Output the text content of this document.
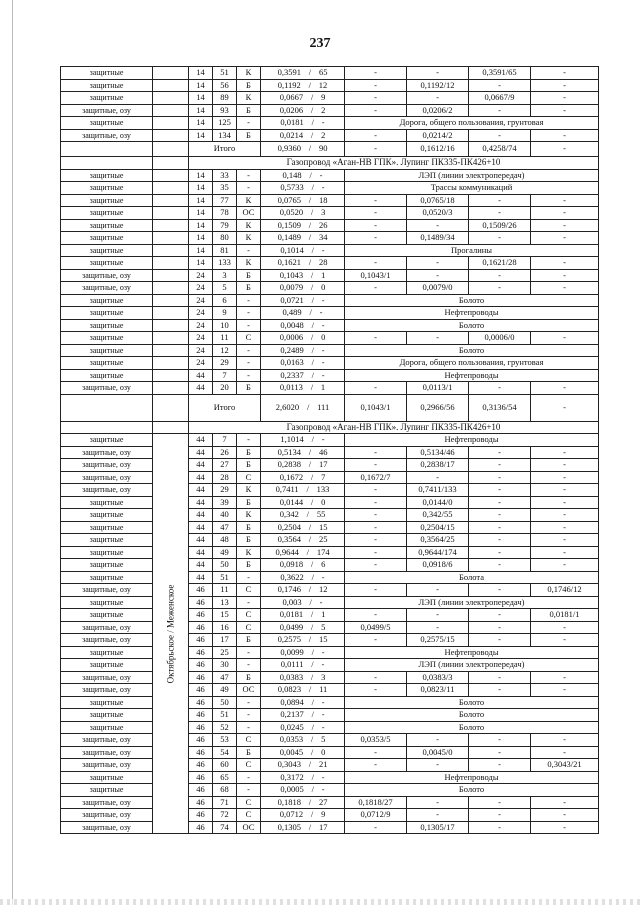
237
защитные		14	51	К	0,3591 / 65	-	-	0,3591/65	-
защитные		14	56	Б	0,1192 / 12	-	0,1192/12	-	-
защитные		14	89	К	0,0667 / 9	-	-	0,0667/9	-
защитные, озу		14	93	Б	0,0206 / 2	-	0,0206/2	-	-
защитные		14	125	-	0,0181 / -	Дорога, общего пользования, грунтовая			
защитные, озу		14	134	Б	0,0214 / 2	-	0,0214/2	-	-
		Итого			0,9360 / 90	-	0,1612/16	0,4258/74	-
		Газопровод «Аган-НВ ГПК». Лупинг ПК335-ПК426+10							
защитные		14	33	-	0,148 / -	ЛЭП (линии электропередач)			
защитные		14	35	-	0,5733 / -	Трассы коммуникаций			
защитные		14	77	К	0,0765 / 18	-	0,0765/18	-	-
защитные		14	78	ОС	0,0520 / 3	-	0,0520/3	-	-
защитные		14	79	К	0,1509 / 26	-	-	0,1509/26	-
защитные		14	80	К	0,1489 / 34	-	0,1489/34	-	-
защитные		14	81	-	0,1014 / -	Прогалины			
защитные		14	133	К	0,1621 / 28	-	-	0,1621/28	-
защитные, озу		24	3	Б	0,1043 / 1	0,1043/1	-	-	-
защитные, озу		24	5	Б	0,0079 / 0	-	0,0079/0	-	-
защитные		24	6	-	0,0721 / -	Болото			
защитные		24	9	-	0,489 / -	Нефтепроводы			
защитные		24	10	-	0,0048 / -	Болото			
защитные		24	11	С	0,0006 / 0	-	-	0,0006/0	-
защитные		24	12	-	0,2489 / -	Болото			
защитные		24	29	-	0,0163 / -	Дорога, общего пользования, грунтовая			
защитные		44	7	-	0,2337 / -	Нефтепроводы			
защитные, озу		44	20	Б	0,0113 / 1	-	0,0113/1	-	-
		Итого			2,6020 / 111	0,1043/1	0,2966/56	0,3136/54	-
		Газопровод «Аган-НВ ГПК». Лупинг ПК335-ПК426+10							
защитные	Октябрьское / Меженское	44	7	-	1,1014 / -	Нефтепроводы			
защитные, озу		44	26	Б	0,5134 / 46	-	0,5134/46	-	-
защитные, озу		44	27	Б	0,2838 / 17	-	0,2838/17	-	-
защитные, озу		44	28	С	0,1672 / 7	0,1672/7	-	-	-
защитные, озу		44	29	К	0,7411 / 133	-	0,7411/133	-	-
защитные		44	39	Б	0,0144 / 0	-	0,0144/0	-	-
защитные		44	40	К	0,342 / 55	-	0,342/55	-	-
защитные		44	47	Б	0,2504 / 15	-	0,2504/15	-	-
защитные		44	48	Б	0,3564 / 25	-	0,3564/25	-	-
защитные		44	49	К	0,9644 / 174	-	0,9644/174	-	-
защитные		44	50	Б	0,0918 / 6	-	0,0918/6	-	-
защитные		44	51	-	0,3622 / -	Болота			
защитные, озу		46	11	С	0,1746 / 12	-	-	-	0,1746/12
защитные		46	13	-	0,003 / -	ЛЭП (линии электропередач)			
защитные		46	15	С	0,0181 / 1	-	-	-	0,0181/1
защитные, озу		46	16	С	0,0499 / 5	0,0499/5	-	-	-
защитные, озу		46	17	Б	0,2575 / 15	-	0,2575/15	-	-
защитные		46	25	-	0,0099 / -	Нефтепроводы			
защитные		46	30	-	0,0111 / -	ЛЭП (линии электропередач)			
защитные, озу		46	47	Б	0,0383 / 3	-	0,0383/3	-	-
защитные, озу		46	49	ОС	0,0823 / 11	-	0,0823/11	-	-
защитные		46	50	-	0,0894 / -	Болото			
защитные		46	51	-	0,2137 / -	Болото			
защитные		46	52	-	0,0245 / -	Болото			
защитные, озу		46	53	С	0,0353 / 5	0,0353/5	-	-	-
защитные, озу		46	54	Б	0,0045 / 0	-	0,0045/0	-	-
защитные, озу		46	60	С	0,3043 / 21	-	-	-	0,3043/21
защитные		46	65	-	0,3172 / -	Нефтепроводы			
защитные		46	68	-	0,0005 / -	Болото			
защитные, озу		46	71	С	0,1818 / 27	0,1818/27	-	-	-
защитные, озу		46	72	С	0,0712 / 9	0,0712/9	-	-	-
защитные, озу		46	74	ОС	0,1305 / 17	-	0,1305/17	-	-
